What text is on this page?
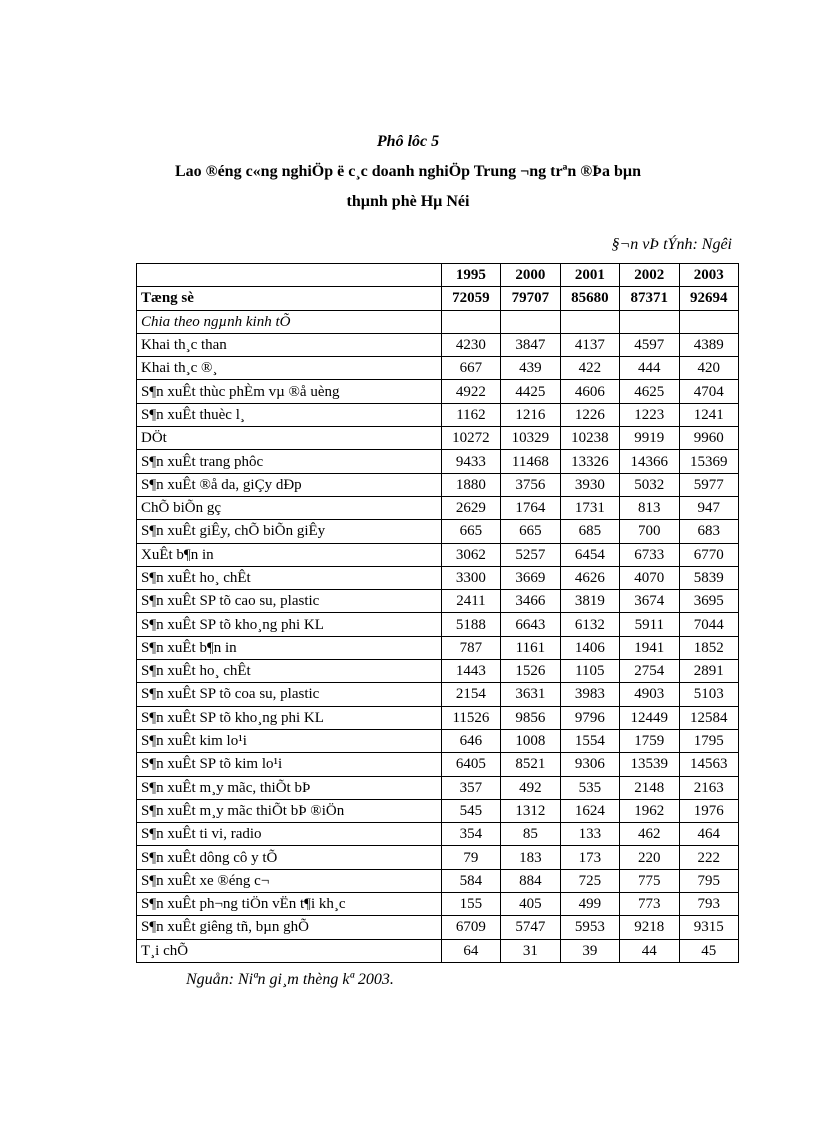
Phô lôc 5
Lao ®éng c«ng nghiÖp ë c¸c doanh nghiÖp Trung ¬ng trªn ®Þa bµn
thµnh phè Hµ Néi
§¬n vÞ tÝnh: Ngêi
	1995	2000	2001	2002	2003
Tæng sè	72059	79707	85680	87371	92694
Chia theo ngµnh kinh tÕ					
Khai th¸c than	4230	3847	4137	4597	4389
Khai th¸c ®¸	667	439	422	444	420
S¶n xuÊt thùc phÈm vµ ®å uèng	4922	4425	4606	4625	4704
S¶n xuÊt thuèc l¸	1162	1216	1226	1223	1241
DÖt	10272	10329	10238	9919	9960
S¶n xuÊt trang phôc	9433	11468	13326	14366	15369
S¶n xuÊt ®å da, giÇy dÐp	1880	3756	3930	5032	5977
ChÕ biÕn gç	2629	1764	1731	813	947
S¶n xuÊt giÊy, chÕ biÕn giÊy	665	665	685	700	683
XuÊt b¶n in	3062	5257	6454	6733	6770
S¶n xuÊt ho¸ chÊt	3300	3669	4626	4070	5839
S¶n xuÊt SP tõ cao su, plastic	2411	3466	3819	3674	3695
S¶n xuÊt SP tõ kho¸ng phi KL	5188	6643	6132	5911	7044
S¶n xuÊt b¶n in	787	1161	1406	1941	1852
S¶n xuÊt ho¸ chÊt	1443	1526	1105	2754	2891
S¶n xuÊt SP tõ coa su, plastic	2154	3631	3983	4903	5103
S¶n xuÊt SP tõ kho¸ng phi KL	11526	9856	9796	12449	12584
S¶n xuÊt kim lo¹i	646	1008	1554	1759	1795
S¶n xuÊt SP tõ kim lo¹i	6405	8521	9306	13539	14563
S¶n xuÊt m¸y mãc, thiÕt bÞ	357	492	535	2148	2163
S¶n xuÊt m¸y mãc thiÕt bÞ ®iÖn	545	1312	1624	1962	1976
S¶n xuÊt ti vi, radio	354	85	133	462	464
S¶n xuÊt dông cô y tÕ	79	183	173	220	222
S¶n xuÊt xe ®éng c¬	584	884	725	775	795
S¶n xuÊt ph¬ng tiÖn vËn t¶i kh¸c	155	405	499	773	793
S¶n xuÊt giêng tñ, bµn ghÕ	6709	5747	5953	9218	9315
T¸i chÕ	64	31	39	44	45
Nguån: Niªn gi¸m thèng kª 2003.
